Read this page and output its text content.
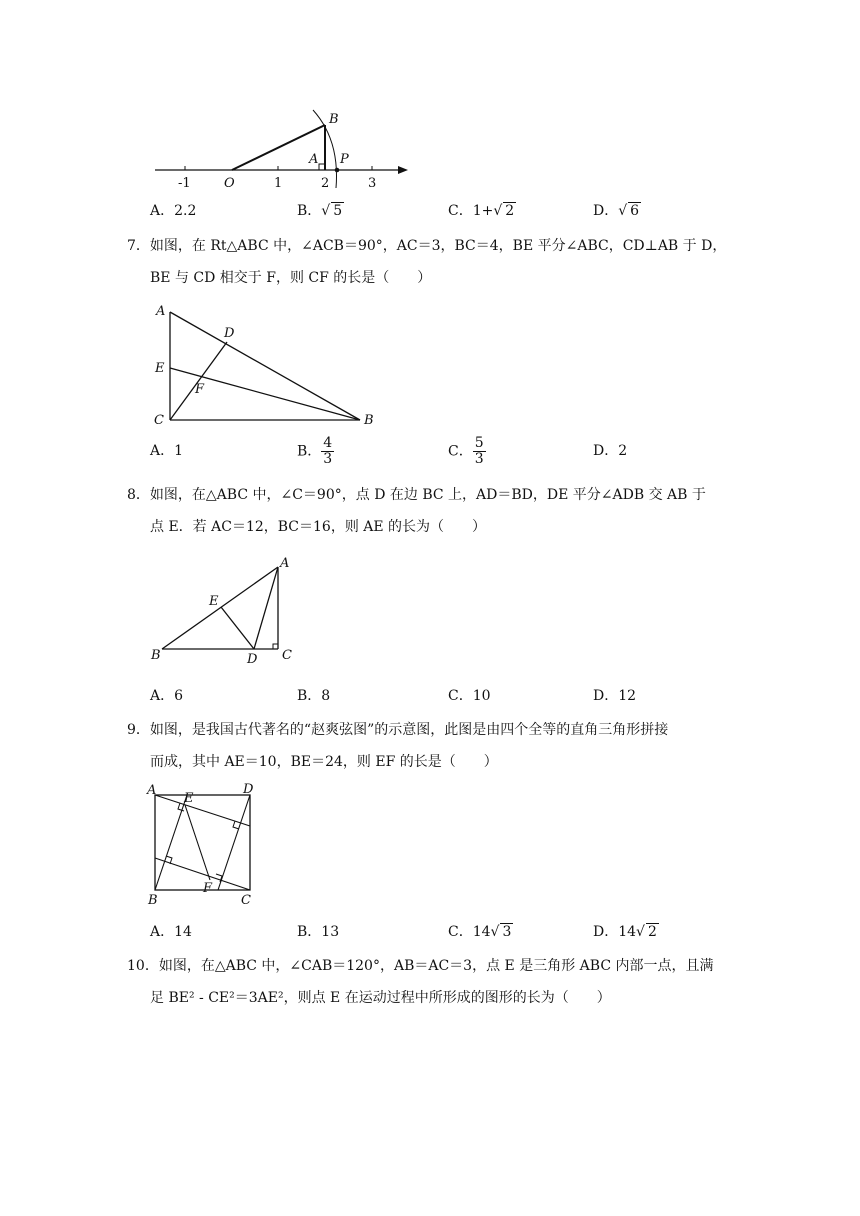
B
A P
O
-1	1	2	3
A．2.2	B．√ 5	C．1+√ 2	D．√ 6
7．如图，在 Rt△ABC 中，∠ACB＝90°，AC＝3，BC＝4，BE 平分∠ABC，CD⊥AB 于 D，
BE 与 CD 相交于 F，则 CF 的长是（　　）
A
D
E
F
C	B
A．1	B． $\frac{4}{3}$	C． $\frac{5}{3}$	D．2
8．如图，在△ABC 中，∠C＝90°，点 D 在边 BC 上，AD＝BD，DE 平分∠ADB 交 AB 于
点 E．若 AC＝12，BC＝16，则 AE 的长为（　　）
A
E
B	D C
A．6	B．8	C．10	D．12
9．如图，是我国古代著名的“赵爽弦图”的示意图，此图是由四个全等的直角三角形拼接
而成，其中 AE＝10，BE＝24，则 EF 的长是（　　）
A
E
D
B
F
C
A．14	B．13	C．14√ 3	D．14√ 2
10．如图，在△ABC 中，∠CAB＝120°，AB＝AC＝3，点 E 是三角形 ABC 内部一点，且满
足 BE² - CE²＝3AE²，则点 E 在运动过程中所形成的图形的长为（　　）
